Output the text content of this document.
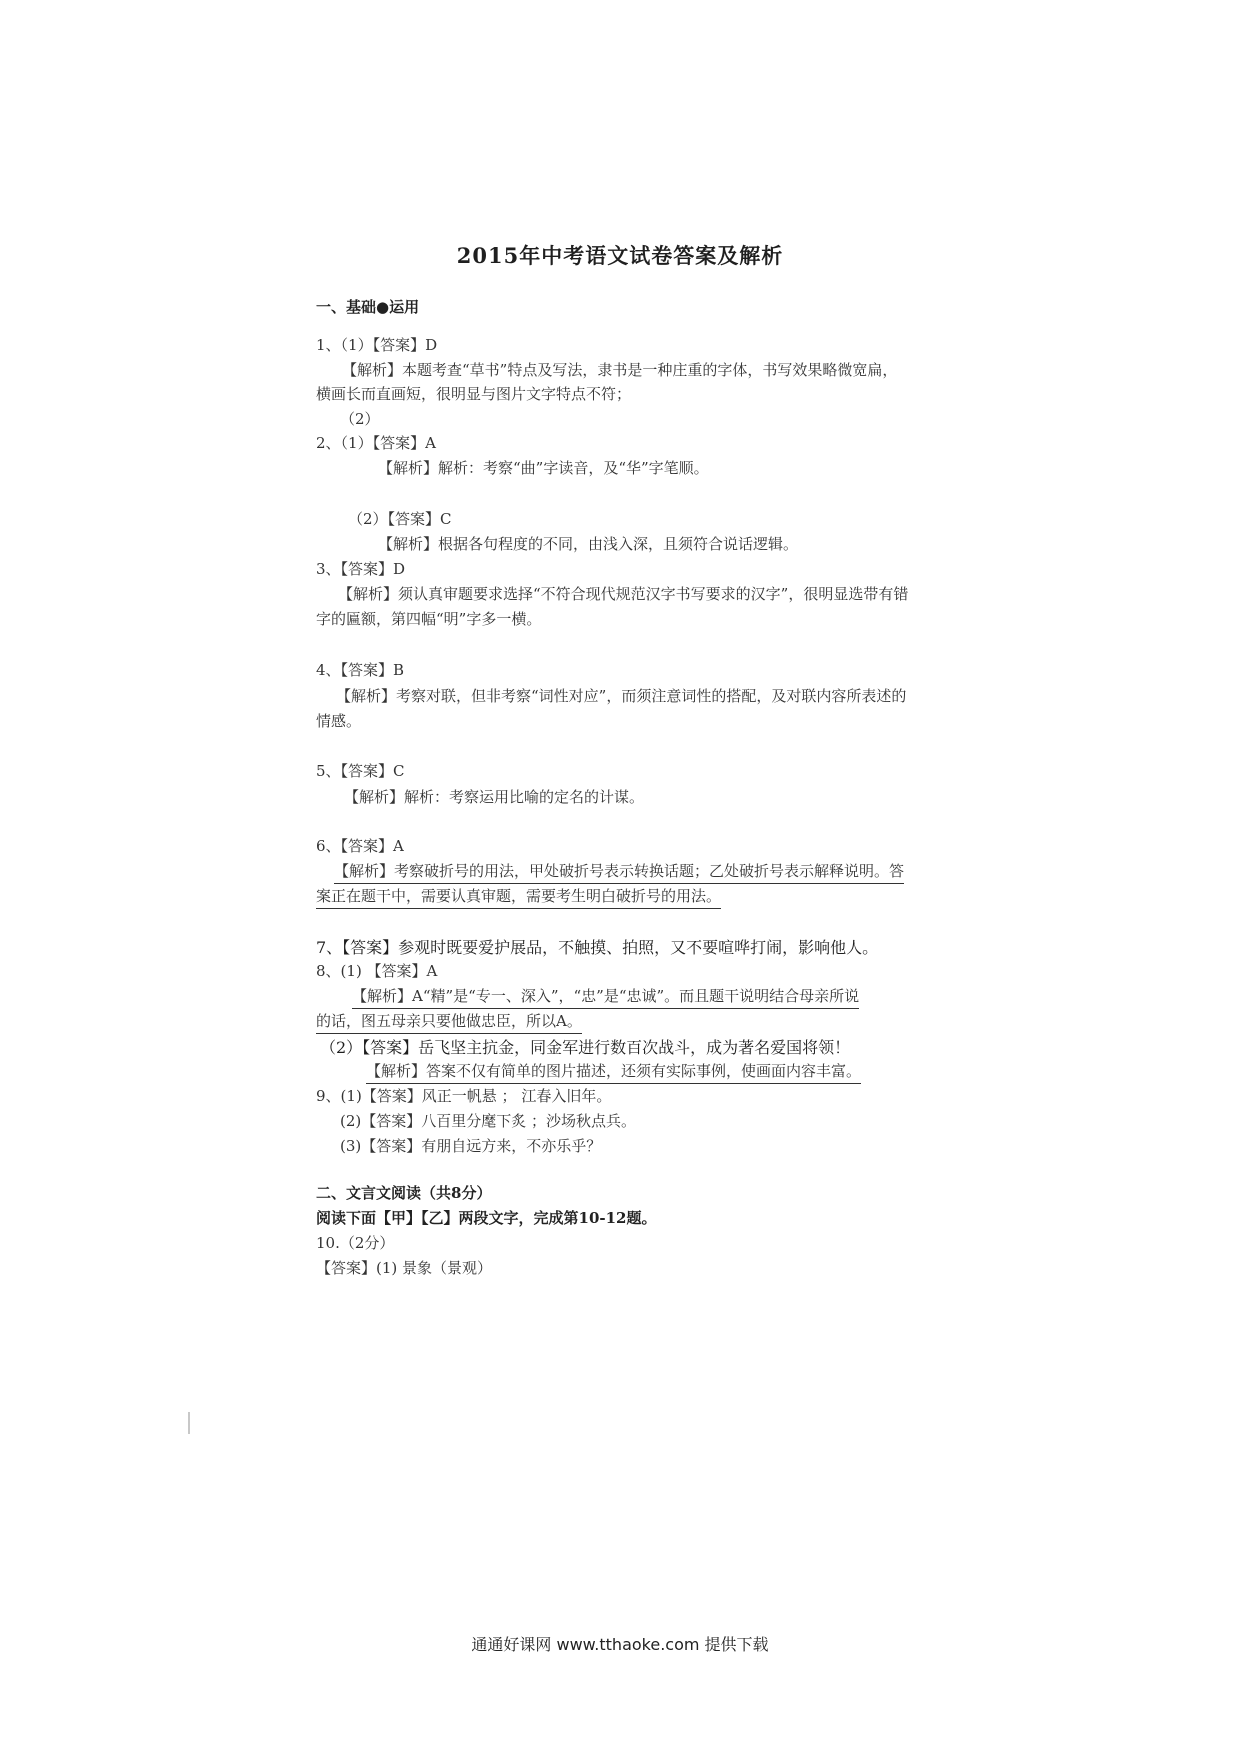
2015年中考语文试卷答案及解析
一、基础●运用
1、（1）【答案】D
【解析】本题考查“草书”特点及写法，隶书是一种庄重的字体，书写效果略微宽扁，
横画长而直画短，很明显与图片文字特点不符；
（2）
2、（1）【答案】A
【解析】解析：考察“曲”字读音，及“华”字笔顺。
（2）【答案】C
【解析】根据各句程度的不同，由浅入深，且须符合说话逻辑。
3、【答案】D
【解析】须认真审题要求选择“不符合现代规范汉字书写要求的汉字”，很明显选带有错
字的匾额，第四幅“明”字多一横。
4、【答案】B
【解析】考察对联，但非考察“词性对应”，而须注意词性的搭配，及对联内容所表述的
情感。
5、【答案】C
【解析】解析：考察运用比喻的定名的计谋。
6、【答案】A
【解析】考察破折号的用法，甲处破折号表示转换话题；乙处破折号表示解释说明。答
案正在题干中，需要认真审题，需要考生明白破折号的用法。
7、【答案】参观时既要爱护展品，不触摸、拍照，又不要喧哗打闹，影响他人。
8、(1) 【答案】A
【解析】A“精”是“专一、深入”，“忠”是“忠诚”。而且题干说明结合母亲所说
的话，图五母亲只要他做忠臣，所以A。
（2）【答案】岳飞坚主抗金，同金军进行数百次战斗，成为著名爱国将领！
【解析】答案不仅有简单的图片描述，还须有实际事例，使画面内容丰富。
9、(1)【答案】风正一帆悬 ； 江春入旧年。
(2)【答案】八百里分麾下炙 ；沙场秋点兵。
(3)【答案】有朋自远方来，不亦乐乎？
二、文言文阅读（共8分）
阅读下面【甲】【乙】两段文字，完成第10-12题。
10.（2分）
【答案】(1) 景象（景观）
通通好课网 www.tthaoke.com 提供下载
